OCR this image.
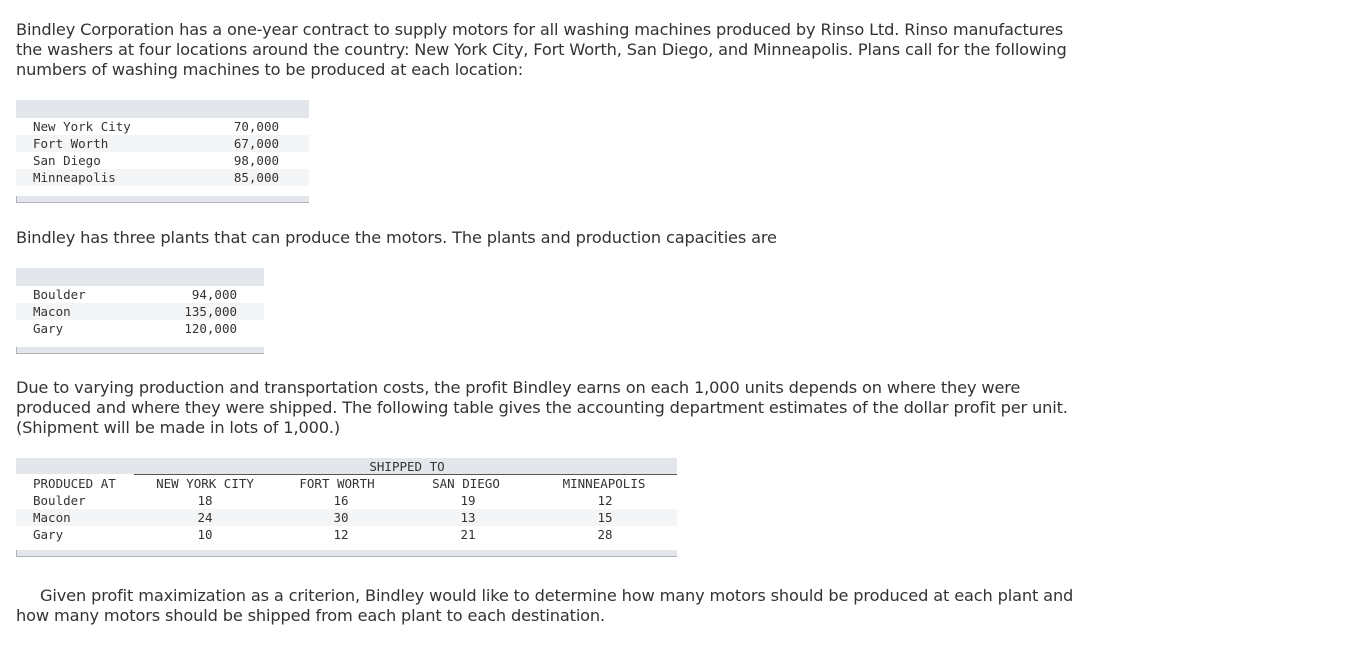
Bindley Corporation has a one-year contract to supply motors for all washing machines produced by Rinso Ltd. Rinso manufactures the washers at four locations around the country: New York City, Fort Worth, San Diego, and Minneapolis. Plans call for the following numbers of washing machines to be produced at each location:

New York City	70,000
Fort Worth	67,000
San Diego	98,000
Minneapolis	85,000

Bindley has three plants that can produce the motors. The plants and production capacities are

Boulder	94,000
Macon	135,000
Gary	120,000

Due to varying production and transportation costs, the profit Bindley earns on each 1,000 units depends on where they were produced and where they were shipped. The following table gives the accounting department estimates of the dollar profit per unit. (Shipment will be made in lots of 1,000.)

SHIPPED TO
PRODUCED AT	NEW YORK CITY	FORT WORTH	SAN DIEGO	MINNEAPOLIS
Boulder	18	16	19	12
Macon	24	30	13	15
Gary	10	12	21	28

Given profit maximization as a criterion, Bindley would like to determine how many motors should be produced at each plant and how many motors should be shipped from each plant to each destination.
